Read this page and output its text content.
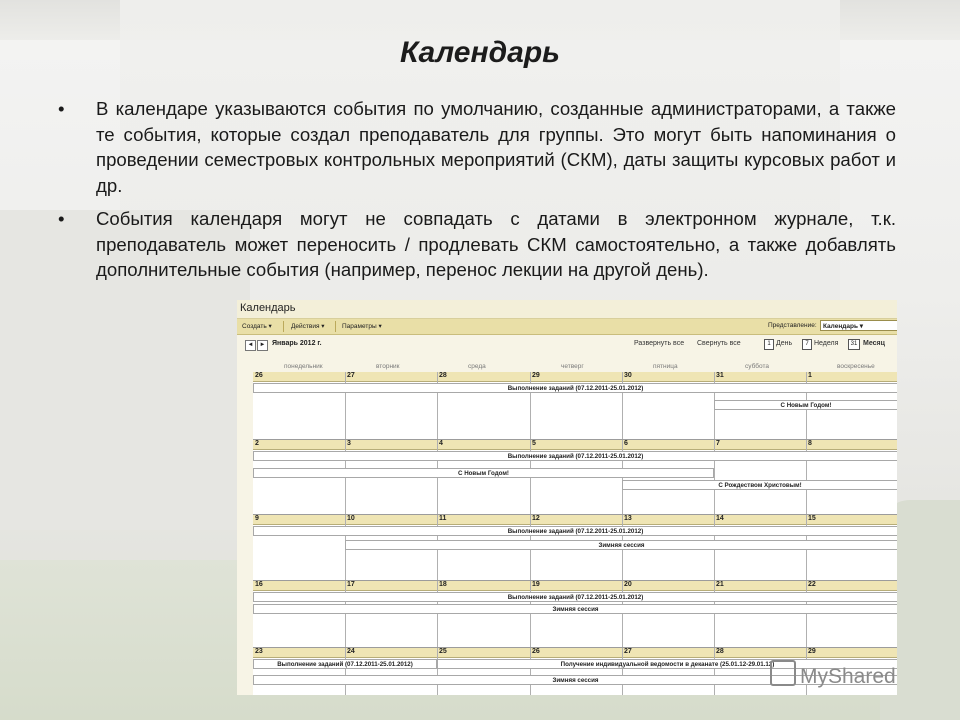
Календарь
• В календаре указываются события по умолчанию, созданные администраторами, а также те события, которые создал преподаватель для группы. Это могут быть напоминания о проведении семестровых контрольных мероприятий (СКМ), даты защиты курсовых работ и др.
• События календаря могут не совпадать с датами в электронном журнале, т.к. преподаватель может переносить / продлевать СКМ самостоятельно, а также добавлять дополнительные события (например, перенос лекции на другой день).
Календарь
Создать ▾	Действия ▾	Параметры ▾	Представление: Календарь ▾
◄	► Январь 2012 г.	Развернуть все Свернуть все	1 День	7 Неделя	31 Месяц
понедельник	вторник	среда	четверг	пятница	суббота	воскресенье
26	27	28	29	30	31	1
Выполнение заданий (07.12.2011-25.01.2012)
С Новым Годом!
2	3	4	5	6	7	8
Выполнение заданий (07.12.2011-25.01.2012)
С Новым Годом!
С Рождеством Христовым!
9	10	11	12	13	14	15
Выполнение заданий (07.12.2011-25.01.2012)
Зимняя сессия
16	17	18	19	20	21	22
Выполнение заданий (07.12.2011-25.01.2012)
Зимняя сессия
23	24	25	26	27	28	29
Выполнение заданий (07.12.2011-25.01.2012)	Получение индивидуальной ведомости в деканате (25.01.12-29.01.12)
Зимняя сессия	MyShared
